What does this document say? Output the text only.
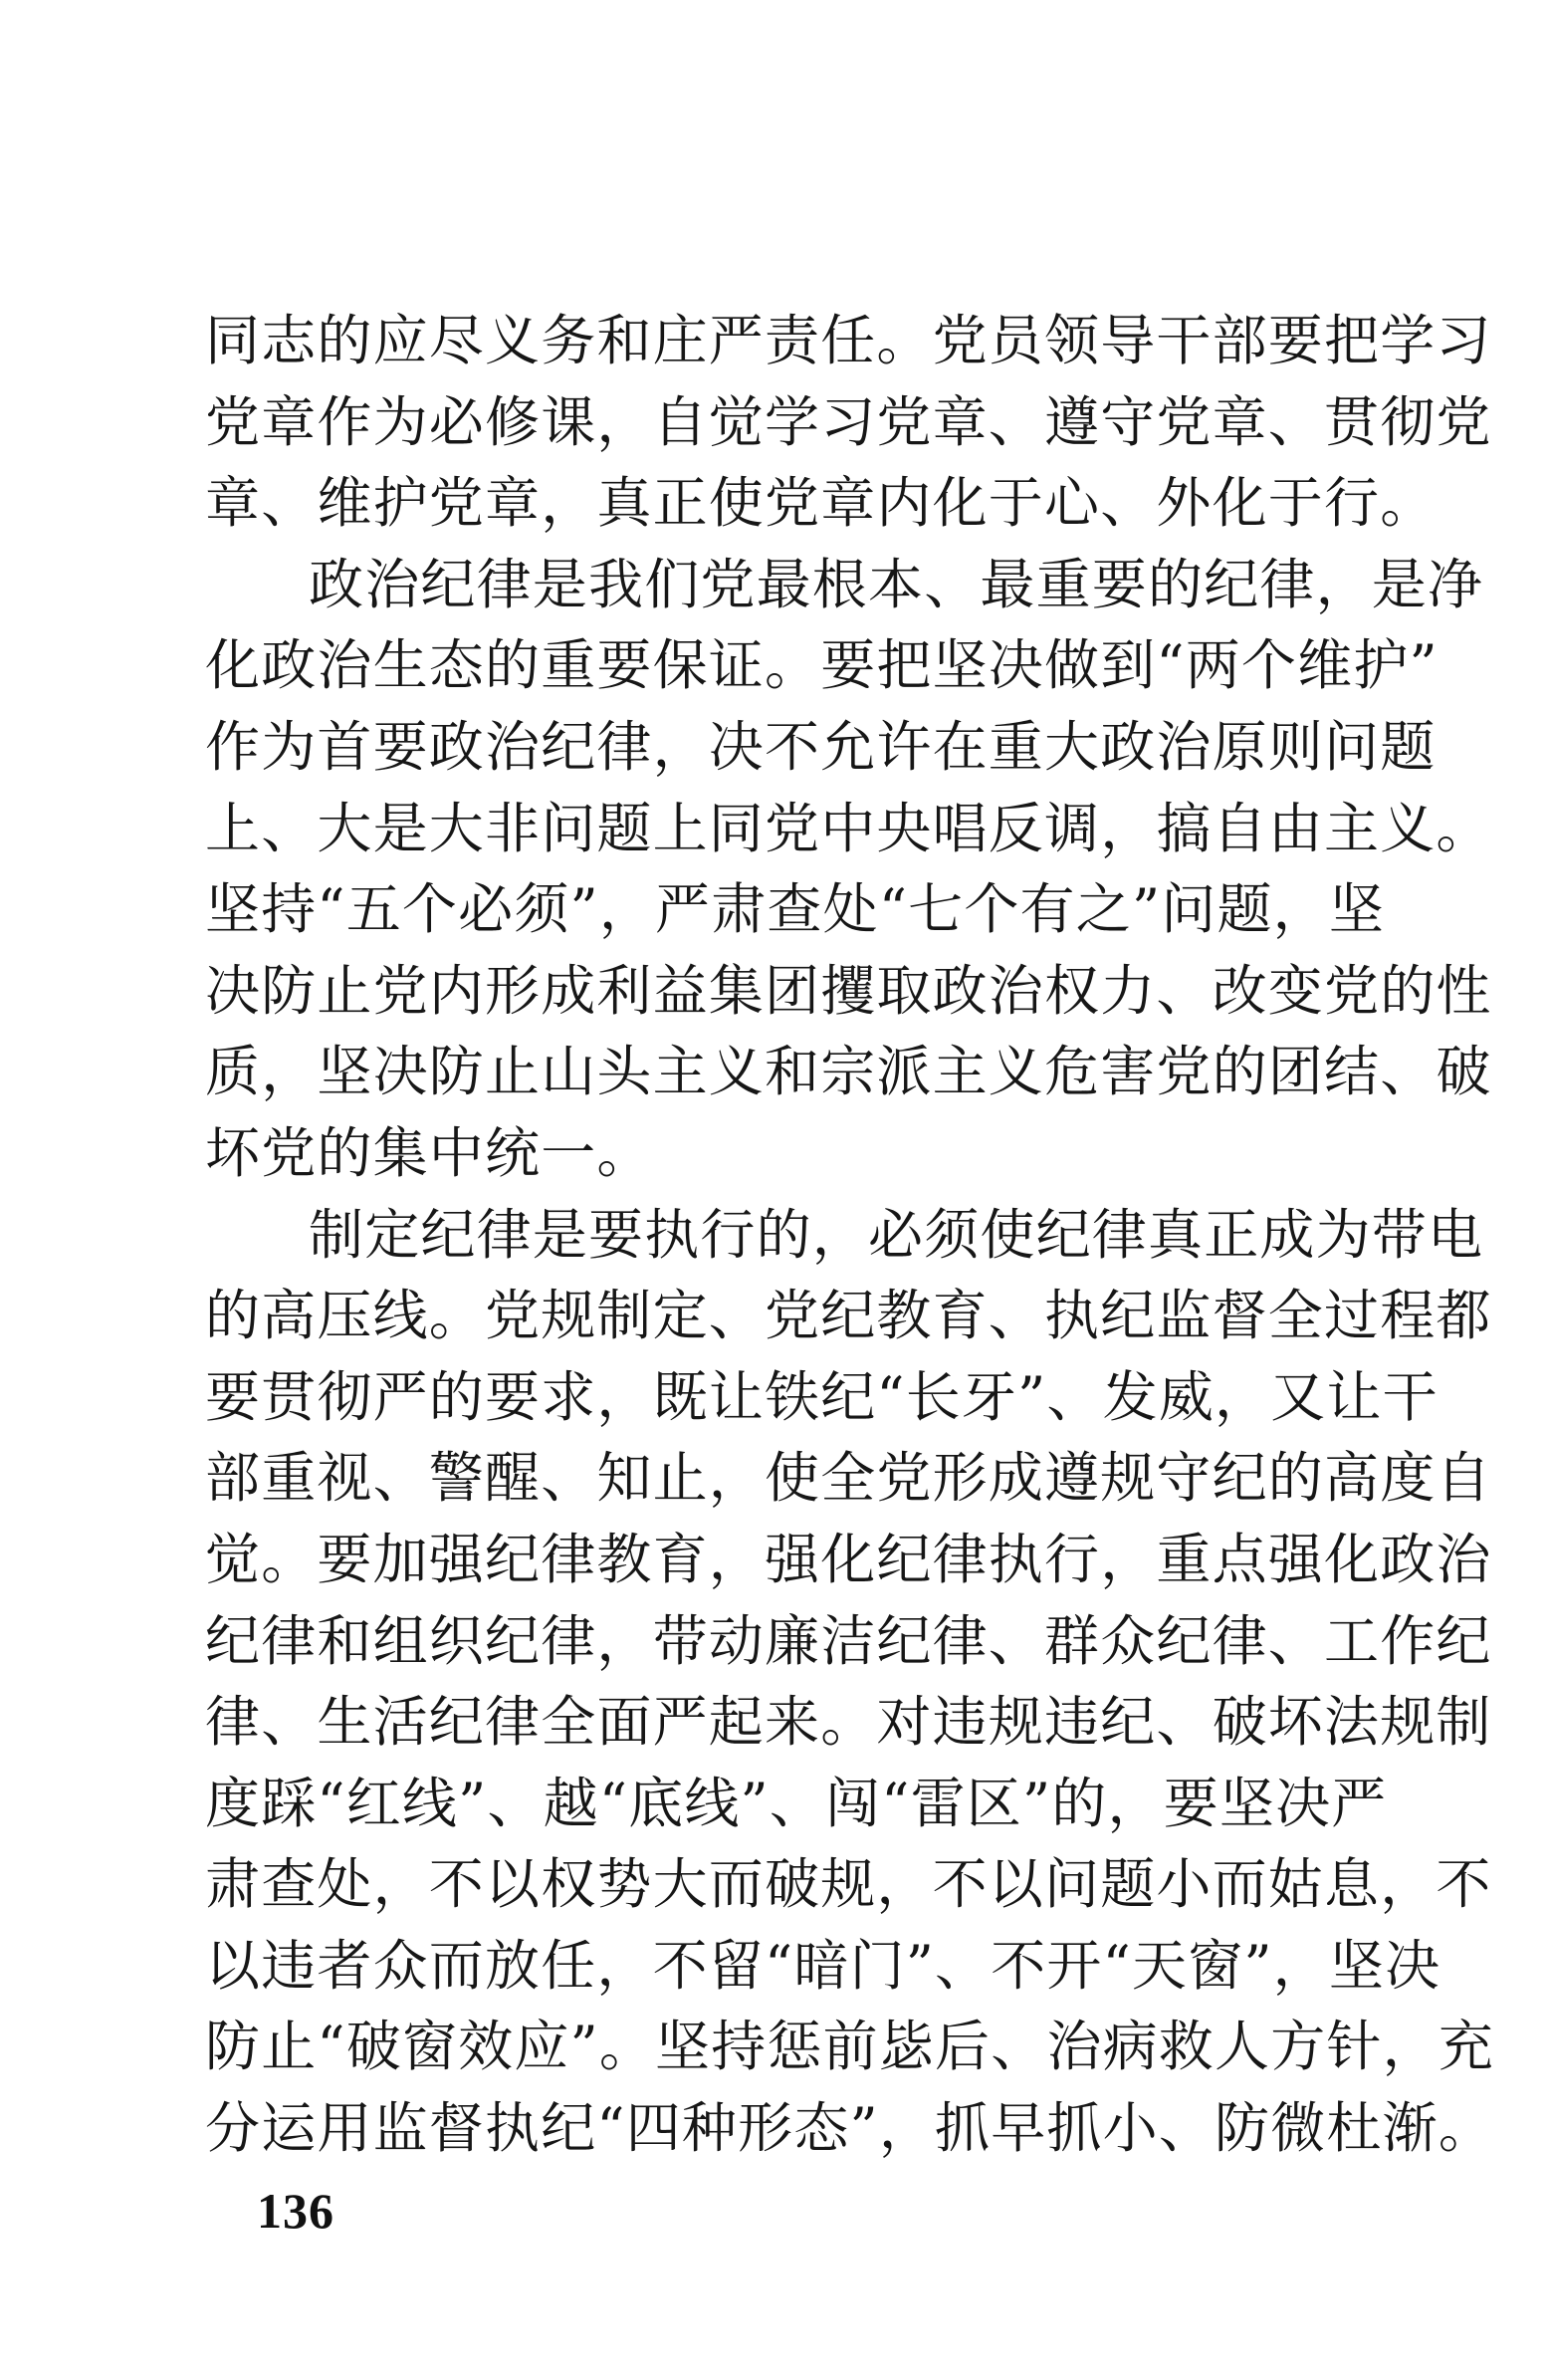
同志的应尽义务和庄严责任。党员领导干部要把学习
党章作为必修课，自觉学习党章、遵守党章、贯彻党
章、维护党章，真正使党章内化于心、外化于行。
政治纪律是我们党最根本、最重要的纪律，是净
化政治生态的重要保证。要把坚决做到“两个维护”
作为首要政治纪律，决不允许在重大政治原则问题
上、大是大非问题上同党中央唱反调，搞自由主义。
坚持“五个必须”，严肃查处“七个有之”问题，坚
决防止党内形成利益集团攫取政治权力、改变党的性
质，坚决防止山头主义和宗派主义危害党的团结、破
坏党的集中统一。
制定纪律是要执行的，必须使纪律真正成为带电
的高压线。党规制定、党纪教育、执纪监督全过程都
要贯彻严的要求，既让铁纪“长牙”、发威，又让干
部重视、警醒、知止，使全党形成遵规守纪的高度自
觉。要加强纪律教育，强化纪律执行，重点强化政治
纪律和组织纪律，带动廉洁纪律、群众纪律、工作纪
律、生活纪律全面严起来。对违规违纪、破坏法规制
度踩“红线”、越“底线”、闯“雷区”的，要坚决严
肃查处，不以权势大而破规，不以问题小而姑息，不
以违者众而放任，不留“暗门”、不开“天窗”，坚决
防止“破窗效应”。坚持惩前毖后、治病救人方针，充
分运用监督执纪“四种形态”，抓早抓小、防微杜渐。
136
